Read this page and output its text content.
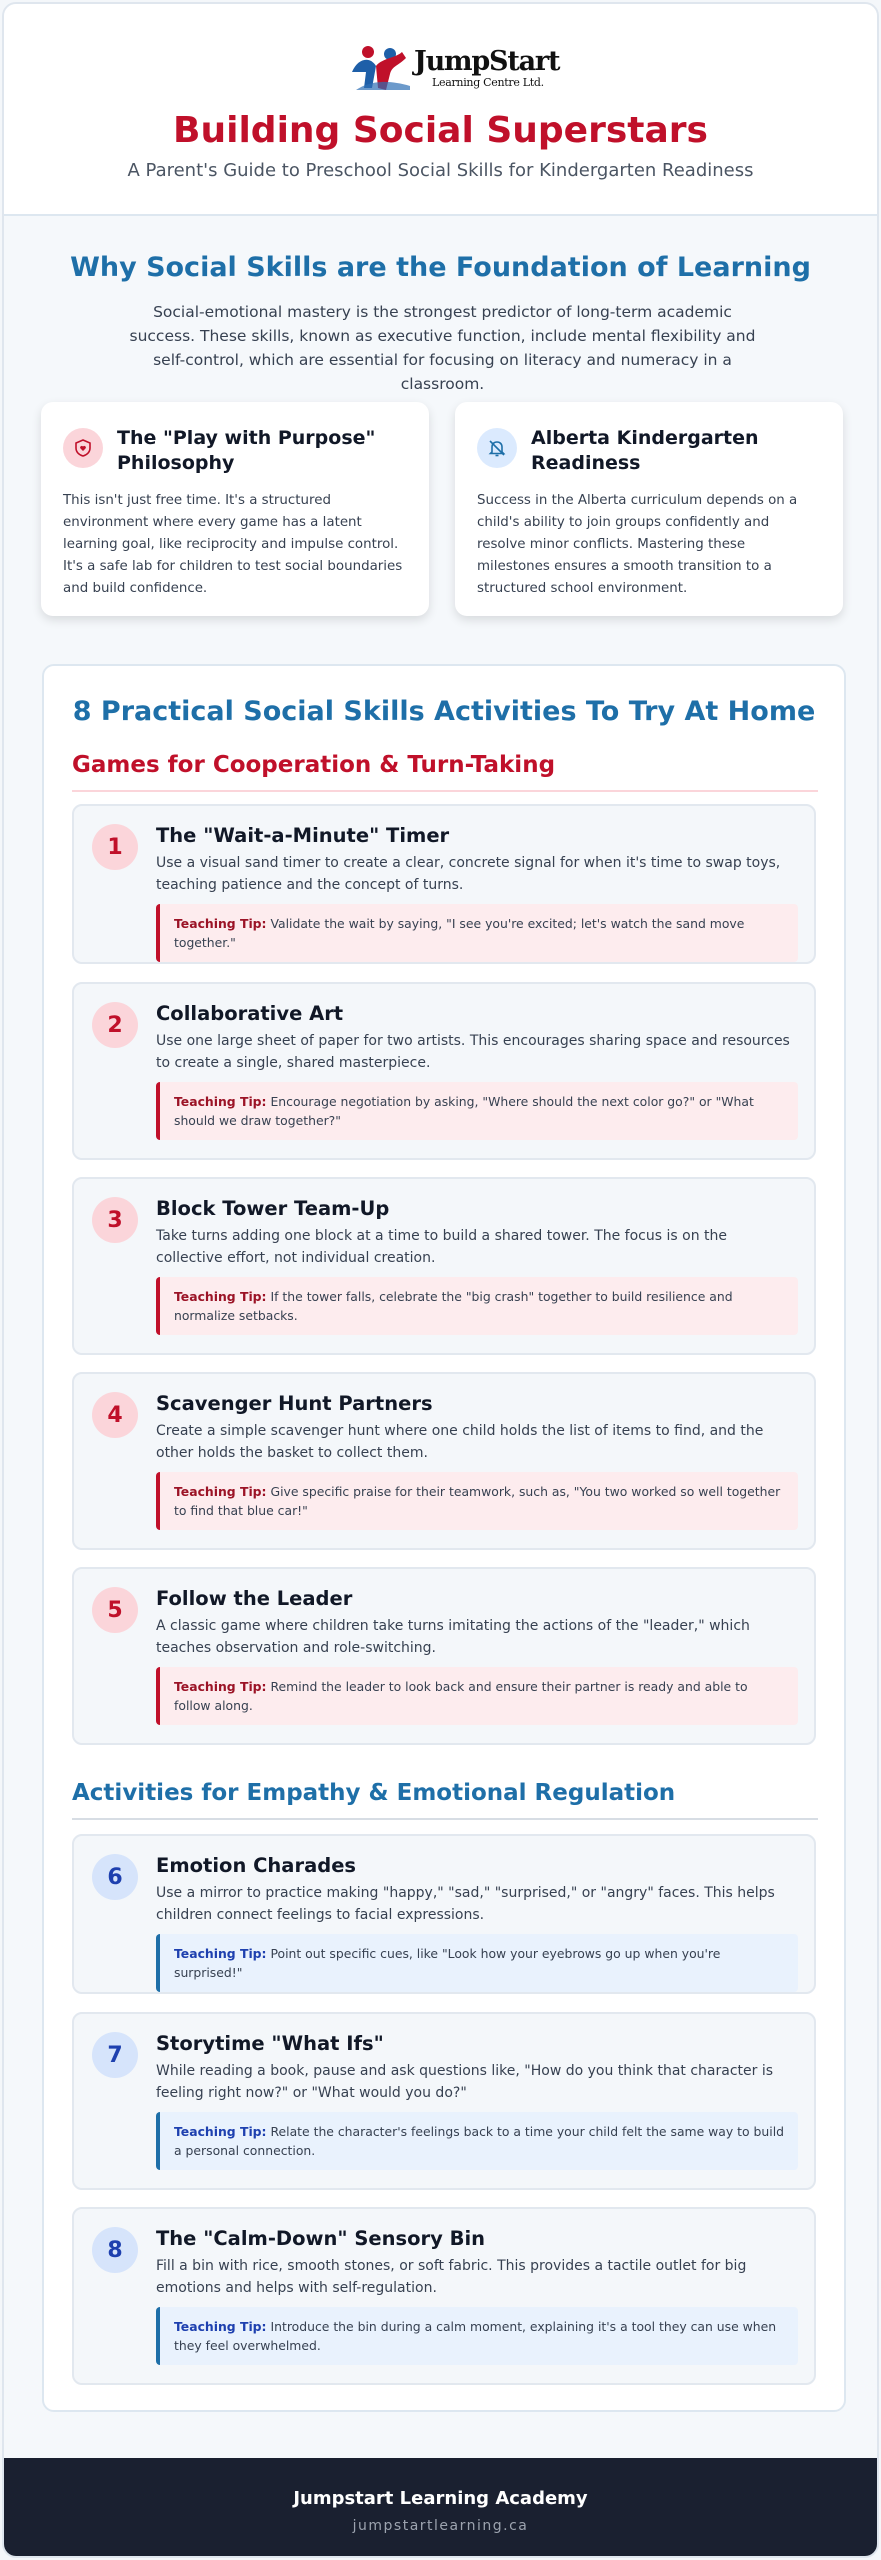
JumpStart
Learning Centre Ltd.
Building Social Superstars
A Parent's Guide to Preschool Social Skills for Kindergarten Readiness
Why Social Skills are the Foundation of Learning
Social-emotional mastery is the strongest predictor of long-term academic success. These skills, known as executive function, include mental flexibility and self-control, which are essential for focusing on literacy and numeracy in a classroom.
The "Play with Purpose" Philosophy

This isn't just free time. It's a structured environment where every game has a latent learning goal, like reciprocity and impulse control. It's a safe lab for children to test social boundaries and build confidence.

Alberta Kindergarten Readiness

Success in the Alberta curriculum depends on a child's ability to join groups confidently and resolve minor conflicts. Mastering these milestones ensures a smooth transition to a structured school environment.

8 Practical Social Skills Activities To Try At Home
Games for Cooperation & Turn-Taking
1	The "Wait-a-Minute" Timer
Use a visual sand timer to create a clear, concrete signal for when it's time to swap toys, teaching patience and the concept of turns.
Teaching Tip: Validate the wait by saying, "I see you're excited; let's watch the sand move together."
2	Collaborative Art
Use one large sheet of paper for two artists. This encourages sharing space and resources to create a single, shared masterpiece.
Teaching Tip: Encourage negotiation by asking, "Where should the next color go?" or "What should we draw together?"
3	Block Tower Team-Up
Take turns adding one block at a time to build a shared tower. The focus is on the collective effort, not individual creation.
Teaching Tip: If the tower falls, celebrate the "big crash" together to build resilience and normalize setbacks.
4	Scavenger Hunt Partners
Create a simple scavenger hunt where one child holds the list of items to find, and the other holds the basket to collect them.
Teaching Tip: Give specific praise for their teamwork, such as, "You two worked so well together to find that blue car!"
5	Follow the Leader
A classic game where children take turns imitating the actions of the "leader," which teaches observation and role-switching.
Teaching Tip: Remind the leader to look back and ensure their partner is ready and able to follow along.
Activities for Empathy & Emotional Regulation
6	Emotion Charades
Use a mirror to practice making "happy," "sad," "surprised," or "angry" faces. This helps children connect feelings to facial expressions.
Teaching Tip: Point out specific cues, like "Look how your eyebrows go up when you're surprised!"
7	Storytime "What Ifs"
While reading a book, pause and ask questions like, "How do you think that character is feeling right now?" or "What would you do?"
Teaching Tip: Relate the character's feelings back to a time your child felt the same way to build a personal connection.
8	The "Calm-Down" Sensory Bin
Fill a bin with rice, smooth stones, or soft fabric. This provides a tactile outlet for big emotions and helps with self-regulation.
Teaching Tip: Introduce the bin during a calm moment, explaining it's a tool they can use when they feel overwhelmed.
Jumpstart Learning Academy
jumpstartlearning.ca
